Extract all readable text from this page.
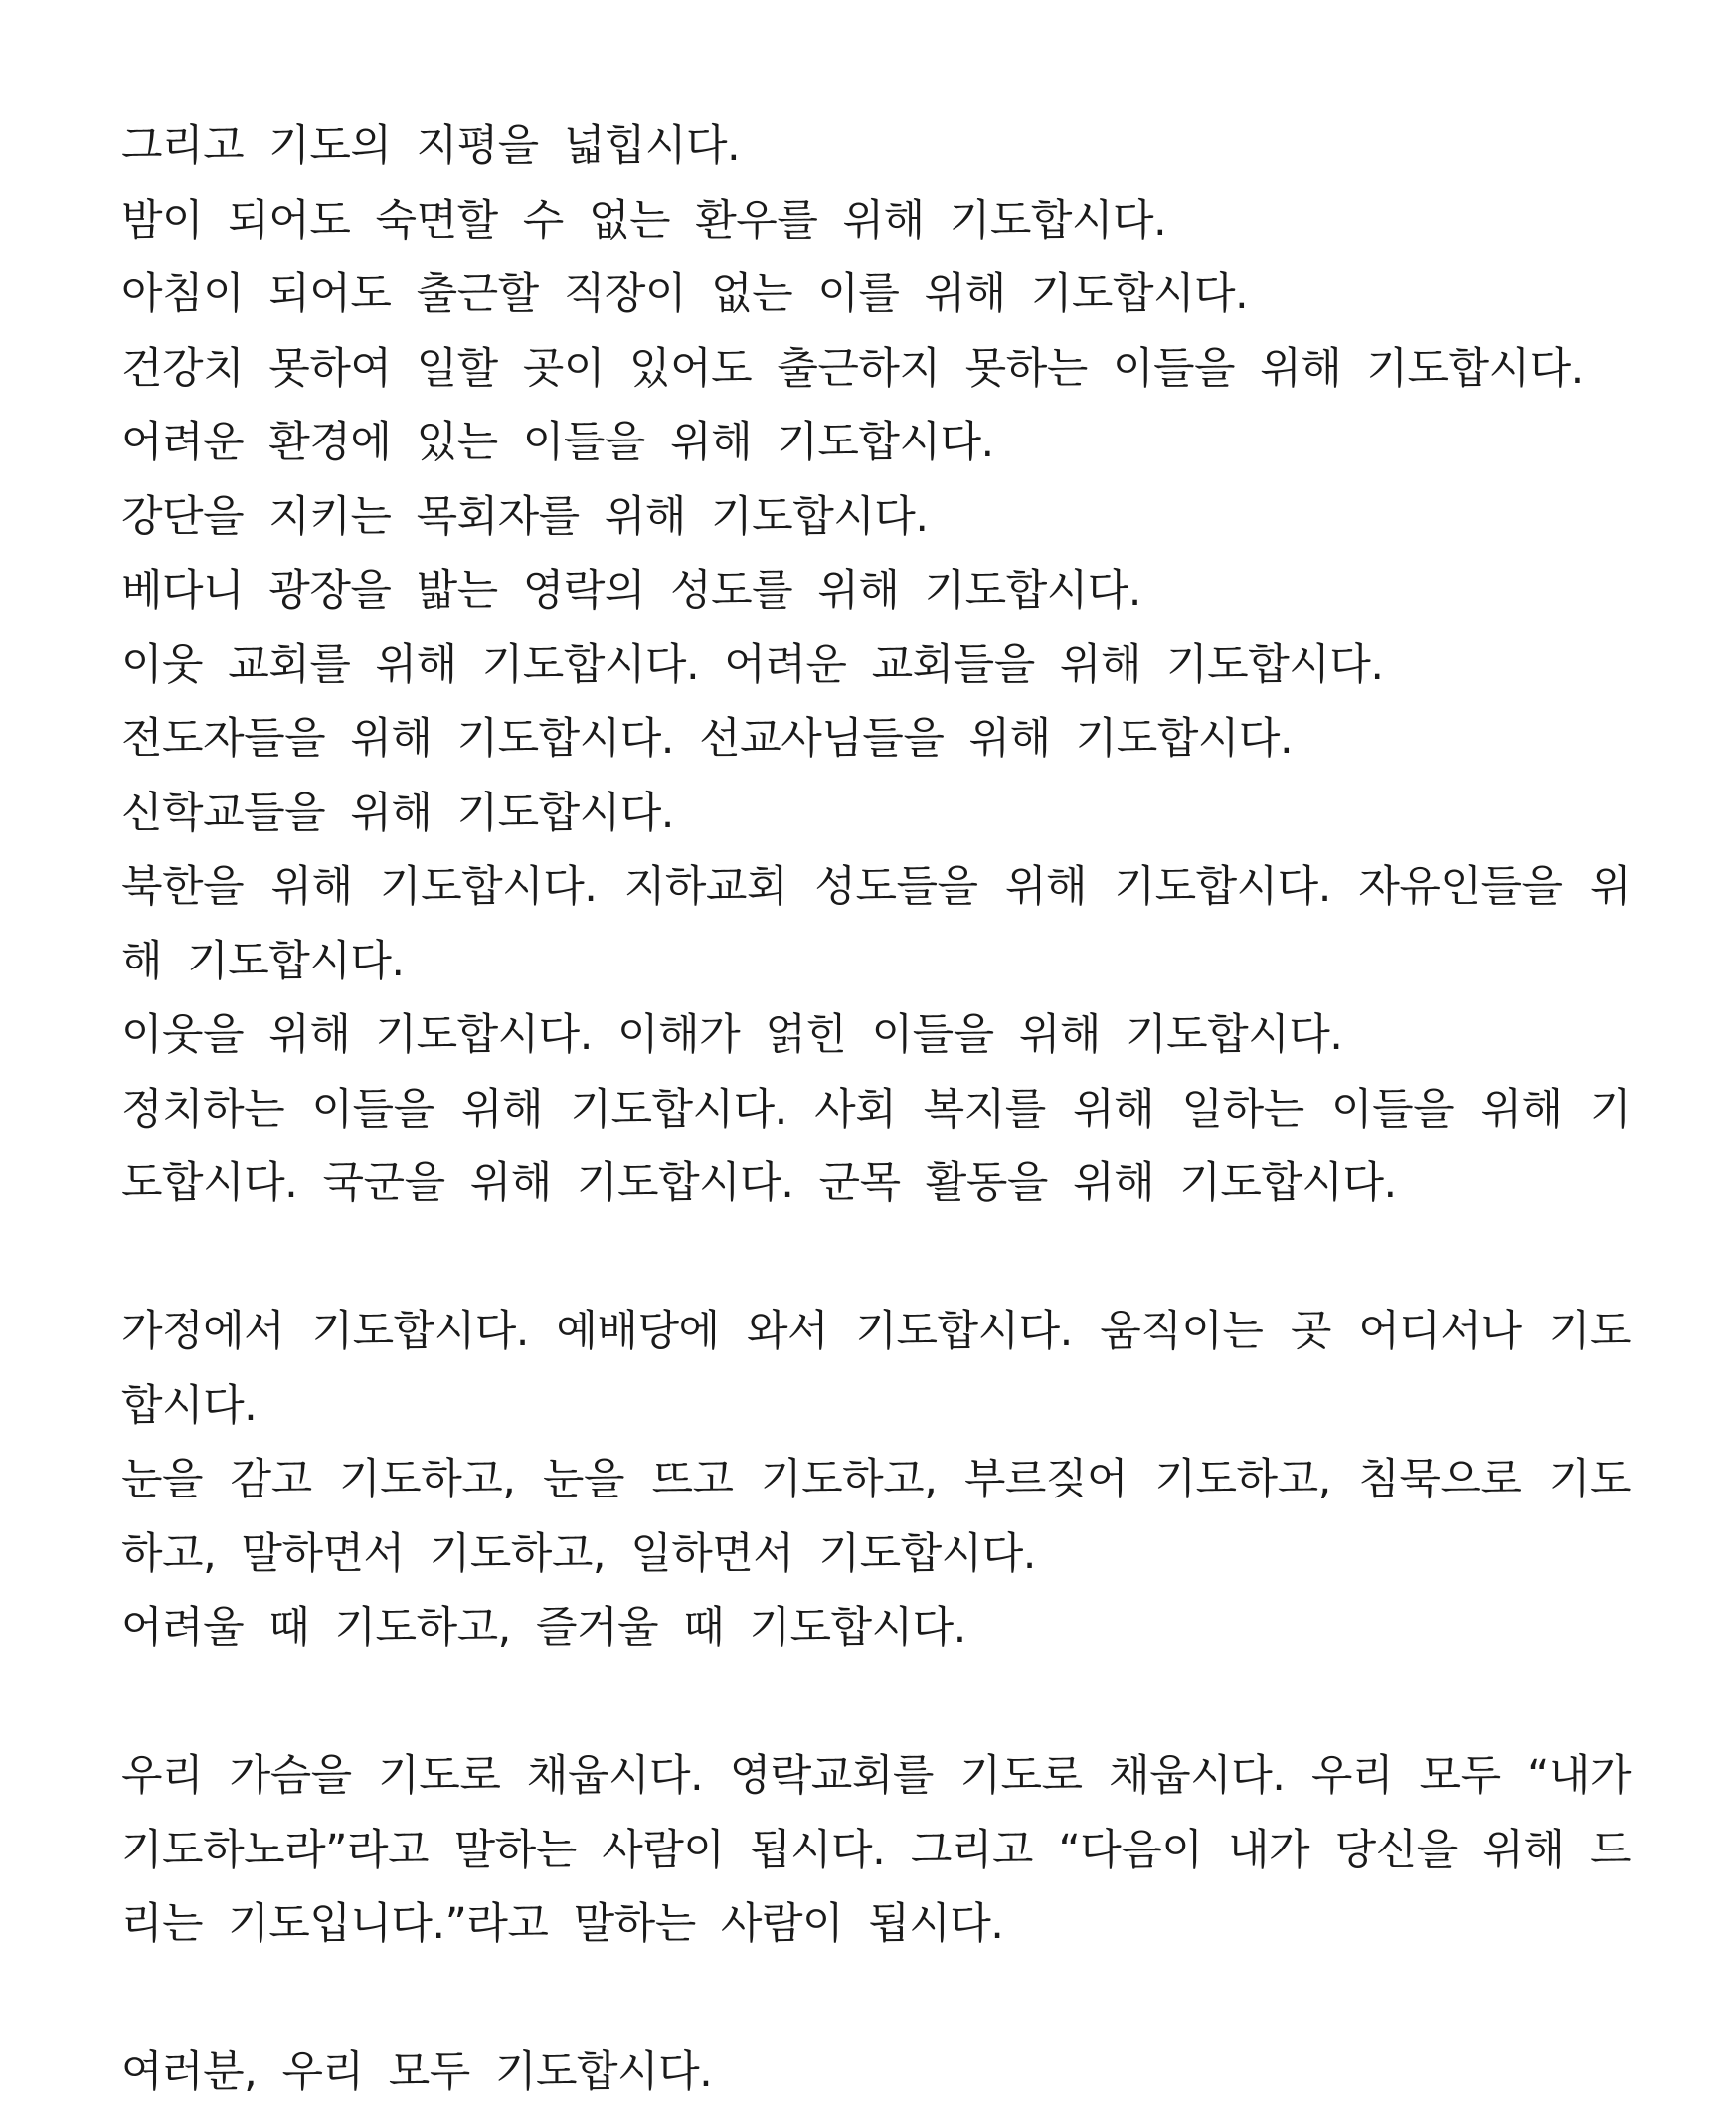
그리고 기도의 지평을 넓힙시다.
밤이 되어도 숙면할 수 없는 환우를 위해 기도합시다.
아침이 되어도 출근할 직장이 없는 이를 위해 기도합시다.
건강치 못하여 일할 곳이 있어도 출근하지 못하는 이들을 위해 기도합시다.
어려운 환경에 있는 이들을 위해 기도합시다.
강단을 지키는 목회자를 위해 기도합시다.
베다니 광장을 밟는 영락의 성도를 위해 기도합시다.
이웃 교회를 위해 기도합시다. 어려운 교회들을 위해 기도합시다.
전도자들을 위해 기도합시다. 선교사님들을 위해 기도합시다.
신학교들을 위해 기도합시다.
북한을 위해 기도합시다. 지하교회 성도들을 위해 기도합시다. 자유인들을 위해 기도합시다.
이웃을 위해 기도합시다. 이해가 얽힌 이들을 위해 기도합시다.
정치하는 이들을 위해 기도합시다. 사회 복지를 위해 일하는 이들을 위해 기도합시다. 국군을 위해 기도합시다. 군목 활동을 위해 기도합시다.
가정에서 기도합시다. 예배당에 와서 기도합시다. 움직이는 곳 어디서나 기도합시다.
눈을 감고 기도하고, 눈을 뜨고 기도하고, 부르짖어 기도하고, 침묵으로 기도하고, 말하면서 기도하고, 일하면서 기도합시다.
어려울 때 기도하고, 즐거울 때 기도합시다.
우리 가슴을 기도로 채웁시다. 영락교회를 기도로 채웁시다. 우리 모두 “내가 기도하노라”라고 말하는 사람이 됩시다. 그리고 “다음이 내가 당신을 위해 드리는 기도입니다.”라고 말하는 사람이 됩시다.
여러분, 우리 모두 기도합시다.
